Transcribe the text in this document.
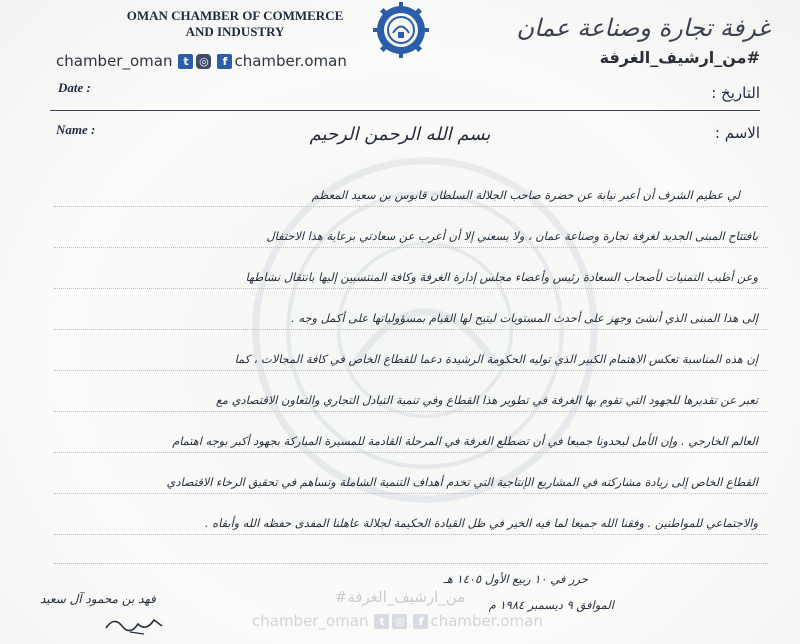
OMAN CHAMBER OF COMMERCE
AND INDUSTRY	غرفة تجارة وصناعة عمان
chamber_oman t ◎	f chamber.oman	#من_ارشيف_الغرفة
Date :	التاريخ :
Name :	الاسم :
بسم الله الرحمن الرحيم
لي عظيم الشرف أن أعبر نيابة عن حضرة صاحب الجلالة السلطان قابوس بن سعيد المعظم
بافتتاح المبنى الجديد لغرفة تجارة وصناعة عمان ، ولا يسعني إلا أن أعرب عن سعادتي برعاية هذا الاحتفال
وعن أطيب التمنيات لأصحاب السعادة رئيس وأعضاء مجلس إدارة الغرفة وكافة المنتسبين إليها بانتقال نشاطها
إلى هذا المبنى الذي أنشئ وجهز على أحدث المستويات ليتيح لها القيام بمسؤولياتها على أكمل وجه .
إن هذه المناسبة تعكس الاهتمام الكبير الذي توليه الحكومة الرشيدة دعما للقطاع الخاص في كافة المجالات ، كما
تعبر عن تقديرها للجهود التي تقوم بها الغرفة في تطوير هذا القطاع وفي تنمية التبادل التجاري والتعاون الاقتصادي مع
العالم الخارجي . وإن الأمل ليحدونا جميعا في أن تضطلع الغرفة في المرحلة القادمة للمسيرة المباركة بجهود أكبر بوجه اهتمام
القطاع الخاص إلى زيادة مشاركته في المشاريع الإنتاجية التي تخدم أهداف التنمية الشاملة وتساهم في تحقيق الرخاء الاقتصادي
والاجتماعي للمواطنين . وفقنا الله جميعا لما فيه الخير في ظل القيادة الحكيمة لجلالة عاهلنا المفدى حفظه الله وأبقاه .
حرر في ١٠ ربيع الأول ١٤٠٥ هـ
الموافق ٩ ديسمبر ١٩٨٤ م
فهد بن محمود آل سعيد	#من_ارشيف_الغرفة
chamber_oman t ◎	f chamber.oman
